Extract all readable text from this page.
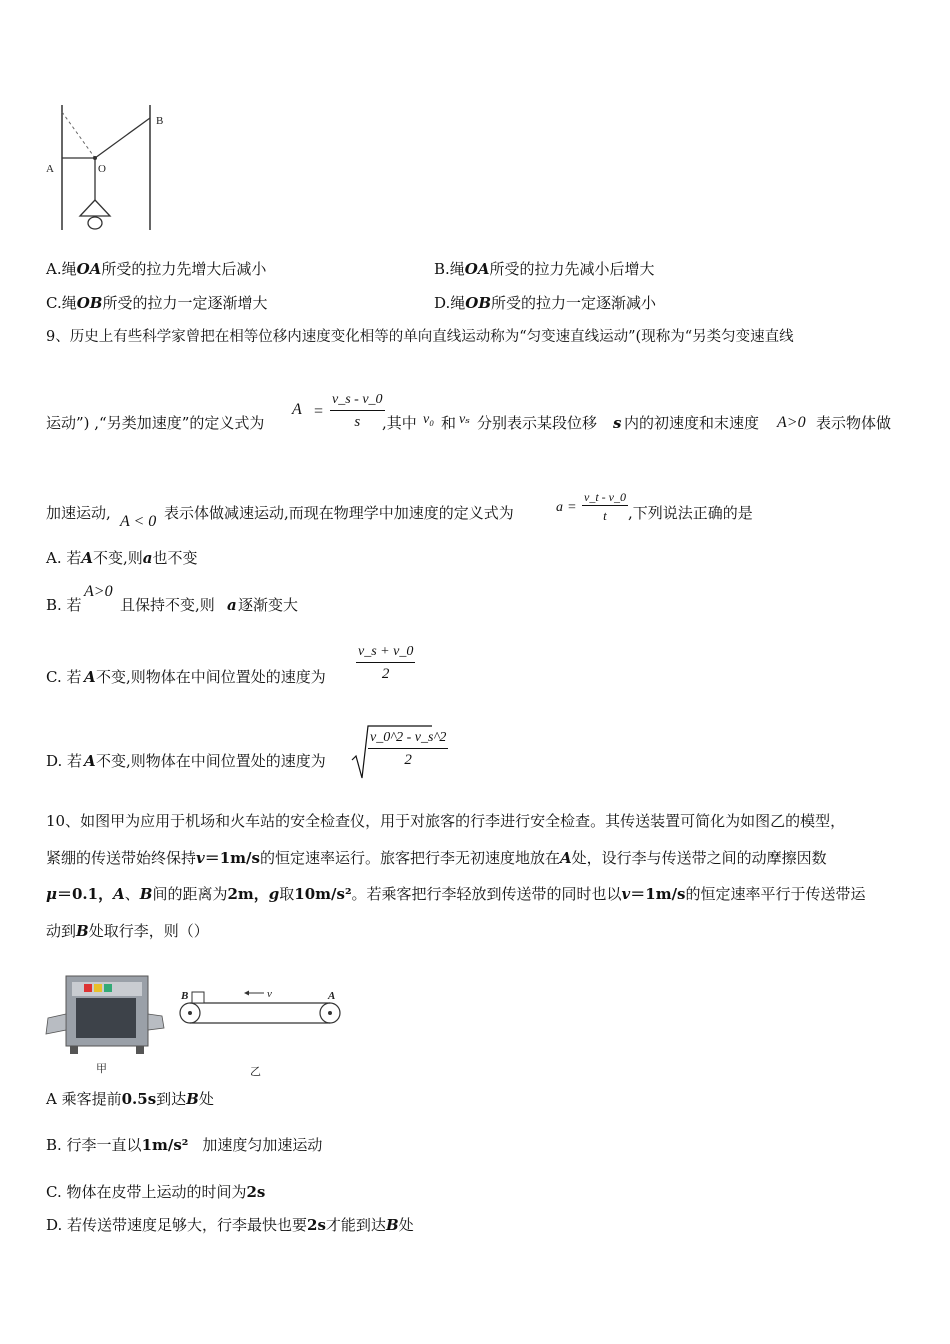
A
B
O
A.绳OA所受的拉力先增大后减小	B.绳OA所受的拉力先减小后增大
C.绳OB所受的拉力一定逐渐增大	D.绳OB所受的拉力一定逐渐减小
9、历史上有些科学家曾把在相等位移内速度变化相等的单向直线运动称为“匀变速直线运动”(现称为“另类匀变速直线
运动”) ,“另类加速度”的定义式为
$A = \frac{v\_s - v\_0}{s}$
,其中 v₀ 和 vₛ 分别表示某段位移 s 内的初速度和末速度 A>0 表示物体做
加速运动, A < 0 表示体做减速运动,而现在物理学中加速度的定义式为	$a = \frac{v\_t - v\_0}{t}$ ,下列说法正确的是
A. 若A不变,则a也不变
B. 若
A>0
且保持不变,则 a 逐渐变大
C. 若 A 不变,则物体在中间位置处的速度为 $\frac{v\_s + v\_0}{2}$
D. 若 A 不变,则物体在中间位置处的速度为	$\frac{v\_0\^{}2 - v\_s\^{}2}{2}$
10、如图甲为应用于机场和火车站的安全检查仪，用于对旅客的行李进行安全检查。其传送装置可简化为如图乙的模型，
紧绷的传送带始终保持v＝1m/s的恒定速率运行。旅客把行李无初速度地放在A处，设行李与传送带之间的动摩擦因数
μ＝0.1，A、B间的距离为2m，g取10m/s²。若乘客把行李轻放到传送带的同时也以v＝1m/s的恒定速率平行于传送带运
动到B处取行李，则（）
甲
v
B	A
乙
A 乘客提前0.5s到达B处
B. 行李一直以1m/s² 加速度匀加速运动
C. 物体在皮带上运动的时间为2s
D. 若传送带速度足够大，行李最快也要2s才能到达B处
